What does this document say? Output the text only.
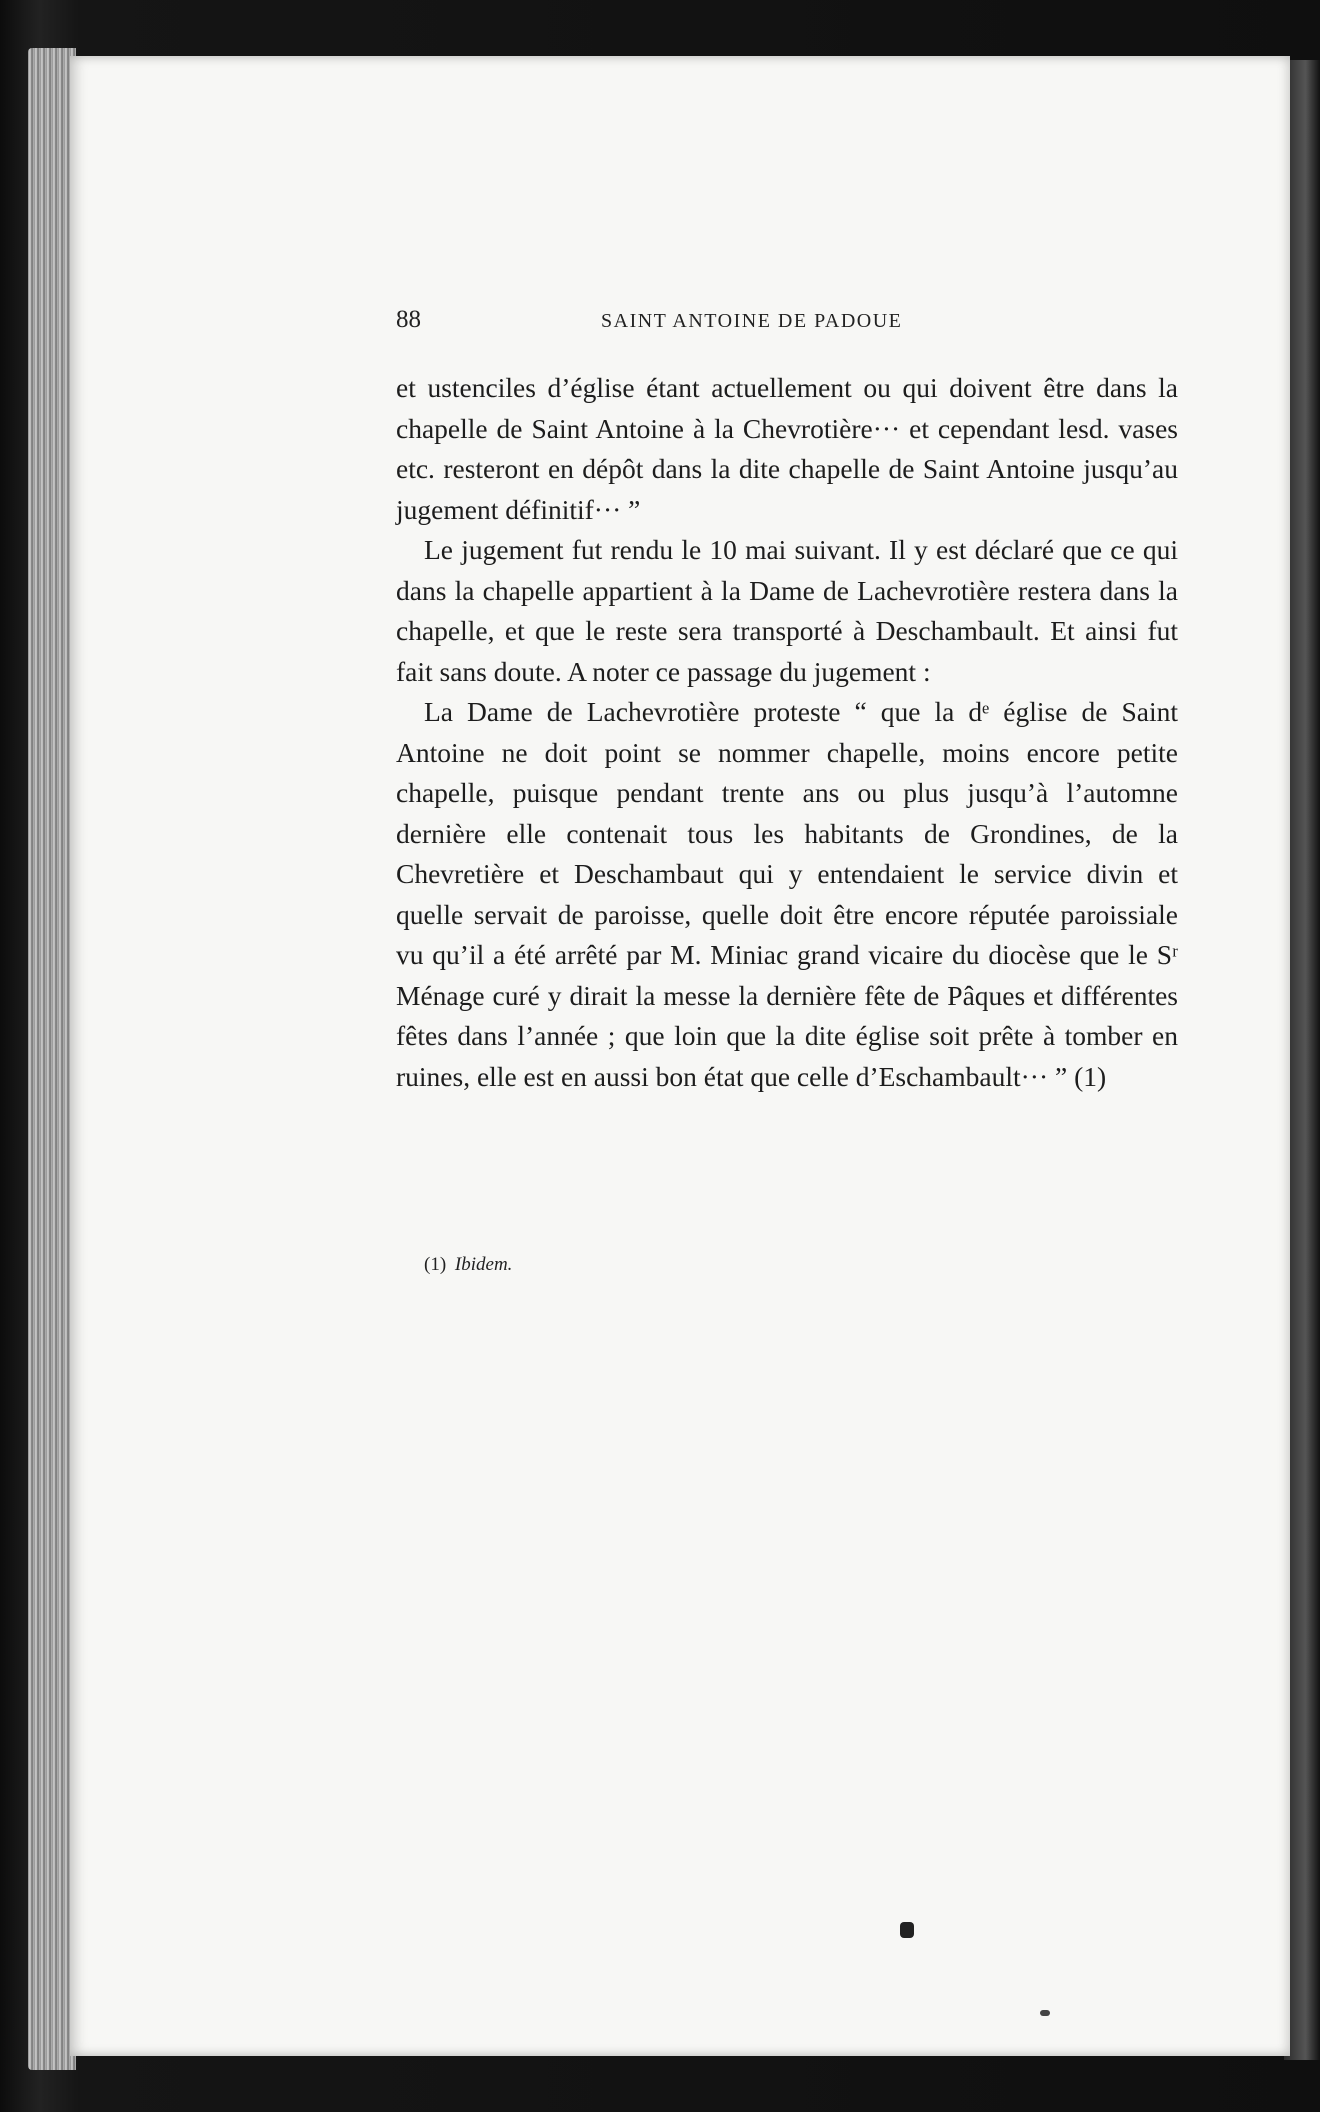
88	SAINT ANTOINE DE PADOUE

et ustenciles d’église étant actuellement ou qui doivent être dans la chapelle de Saint Antoine à la Chevrotière··· et cependant lesd. vases etc. resteront en dépôt dans la dite chapelle de Saint Antoine jusqu’au jugement définitif··· ”

Le jugement fut rendu le 10 mai suivant. Il y est déclaré que ce qui dans la chapelle appartient à la Dame de Lachevrotière restera dans la chapelle, et que le reste sera transporté à Deschambault. Et ainsi fut fait sans doute. A noter ce passage du jugement :

La Dame de Lachevrotière proteste “ que la dᵉ église de Saint Antoine ne doit point se nommer chapelle, moins encore petite chapelle, puisque pendant trente ans ou plus jusqu’à l’automne dernière elle contenait tous les habitants de Grondines, de la Chevretière et Deschambaut qui y entendaient le service divin et quelle servait de paroisse, quelle doit être encore réputée paroissiale vu qu’il a été arrêté par M. Miniac grand vicaire du diocèse que le Sʳ Ménage curé y dirait la messe la dernière fête de Pâques et différentes fêtes dans l’année ; que loin que la dite église soit prête à tomber en ruines, elle est en aussi bon état que celle d’Eschambault··· ” (1)

(1) Ibidem.
